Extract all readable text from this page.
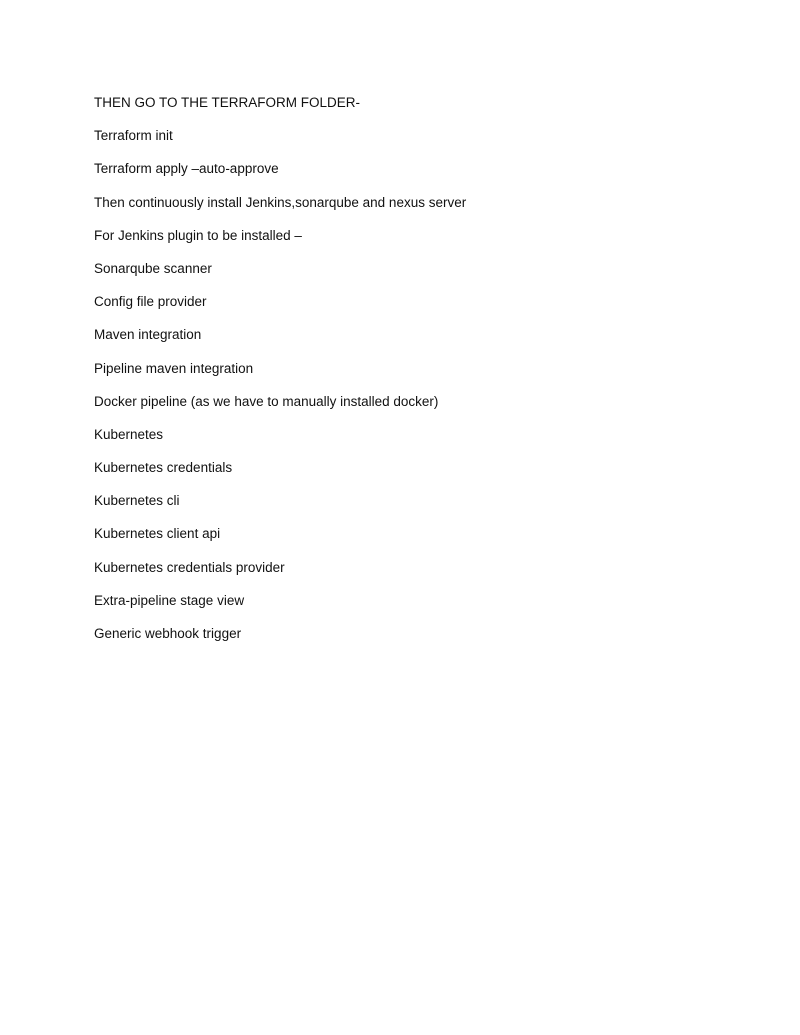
THEN GO TO THE TERRAFORM FOLDER-
Terraform init
Terraform apply –auto-approve
Then continuously install Jenkins,sonarqube and nexus server
For Jenkins plugin to be installed –
Sonarqube scanner
Config file provider
Maven integration
Pipeline maven integration
Docker pipeline (as we have to manually installed docker)
Kubernetes
Kubernetes credentials
Kubernetes cli
Kubernetes client api
Kubernetes credentials provider
Extra-pipeline stage view
Generic webhook trigger
